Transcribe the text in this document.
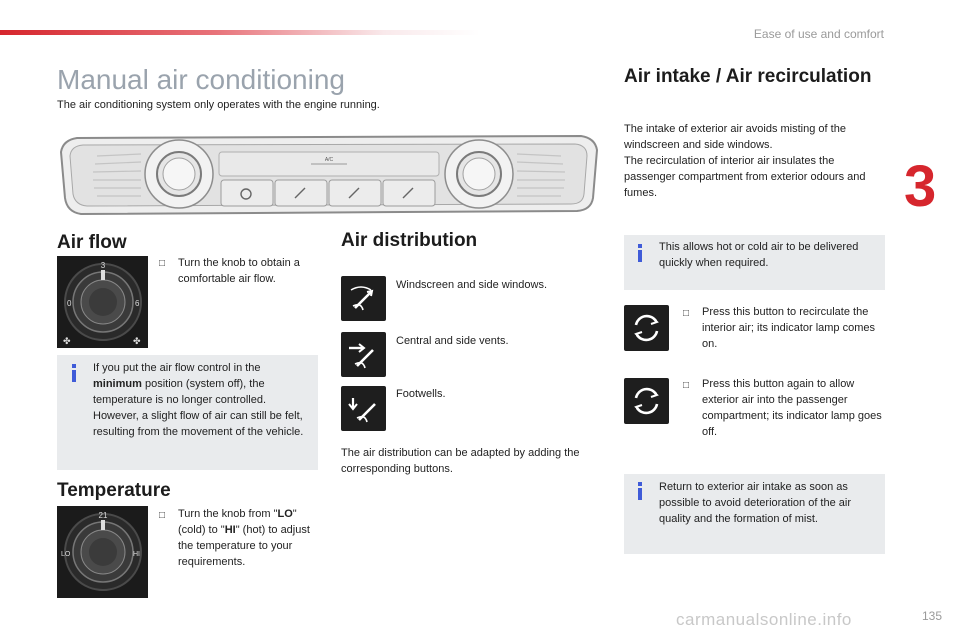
Ease of use and comfort
3
Manual air conditioning
The air conditioning system only operates with the engine running.
A/C
Air flow
3
0	6
✤	✤
□ Turn the knob to obtain a comfortable air flow.
If you put the air flow control in the minimum position (system off), the temperature is no longer controlled. However, a slight flow of air can still be felt, resulting from the movement of the vehicle.
Temperature
21
LO	HI
□ Turn the knob from "LO" (cold) to "HI" (hot) to adjust the temperature to your requirements.
Air distribution
Windscreen and side windows.
Central and side vents.
Footwells.
The air distribution can be adapted by adding the corresponding buttons.
Air intake / Air recirculation
The intake of exterior air avoids misting of the windscreen and side windows.
The recirculation of interior air insulates the passenger compartment from exterior odours and fumes.
This allows hot or cold air to be delivered quickly when required.
□ Press this button to recirculate the interior air; its indicator lamp comes on.
□ Press this button again to allow exterior air into the passenger compartment; its indicator lamp goes off.
Return to exterior air intake as soon as possible to avoid deterioration of the air quality and the formation of mist.
135
carmanualsonline.info
